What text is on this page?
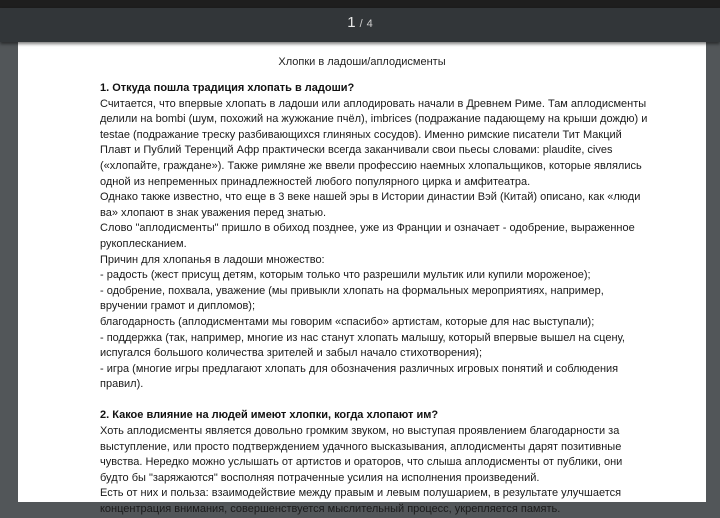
1 / 4
Хлопки в ладоши/аплодисменты
1. Откуда пошла традиция хлопать в ладоши?
Считается, что впервые хлопать в ладоши или аплодировать начали в Древнем Риме. Там аплодисменты
делили на bombi (шум, похожий на жужжание пчёл), imbrices (подражание падающему на крыши дождю) и
testae (подражание треску разбивающихся глиняных сосудов). Именно римские писатели Тит Макций
Плавт и Публий Теренций Афр практически всегда заканчивали свои пьесы словами: plaudite, cives
(«хлопайте, граждане»). Также римляне же ввели профессию наемных хлопальщиков, которые являлись
одной из непременных принадлежностей любого популярного цирка и амфитеатра.
Однако также известно, что еще в 3 веке нашей эры в Истории династии Вэй (Китай) описано, как «люди
ва» хлопают в знак уважения перед знатью.
Слово "аплодисменты" пришло в обиход позднее, уже из Франции и означает - одобрение, выраженное
рукоплесканием.
Причин для хлопанья в ладоши множество:
- радость (жест присущ детям, которым только что разрешили мультик или купили мороженое);
- одобрение, похвала, уважение (мы привыкли хлопать на формальных мероприятиях, например,
вручении грамот и дипломов);
благодарность (аплодисментами мы говорим «спасибо» артистам, которые для нас выступали);
- поддержка (так, например, многие из нас станут хлопать малышу, который впервые вышел на сцену,
испугался большого количества зрителей и забыл начало стихотворения);
- игра (многие игры предлагают хлопать для обозначения различных игровых понятий и соблюдения
правил).
2. Какое влияние на людей имеют хлопки, когда хлопают им?
Хоть аплодисменты является довольно громким звуком, но выступая проявлением благодарности за
выступление, или просто подтверждением удачного высказывания, аплодисменты дарят позитивные
чувства. Нередко можно услышать от артистов и ораторов, что слыша аплодисменты от публики, они
будто бы "заряжаются" восполняя потраченные усилия на исполнения произведений.
Есть от них и польза: взаимодействие между правым и левым полушарием, в результате улучшается
концентрация внимания, совершенствуется мыслительный процесс, укрепляется память.
